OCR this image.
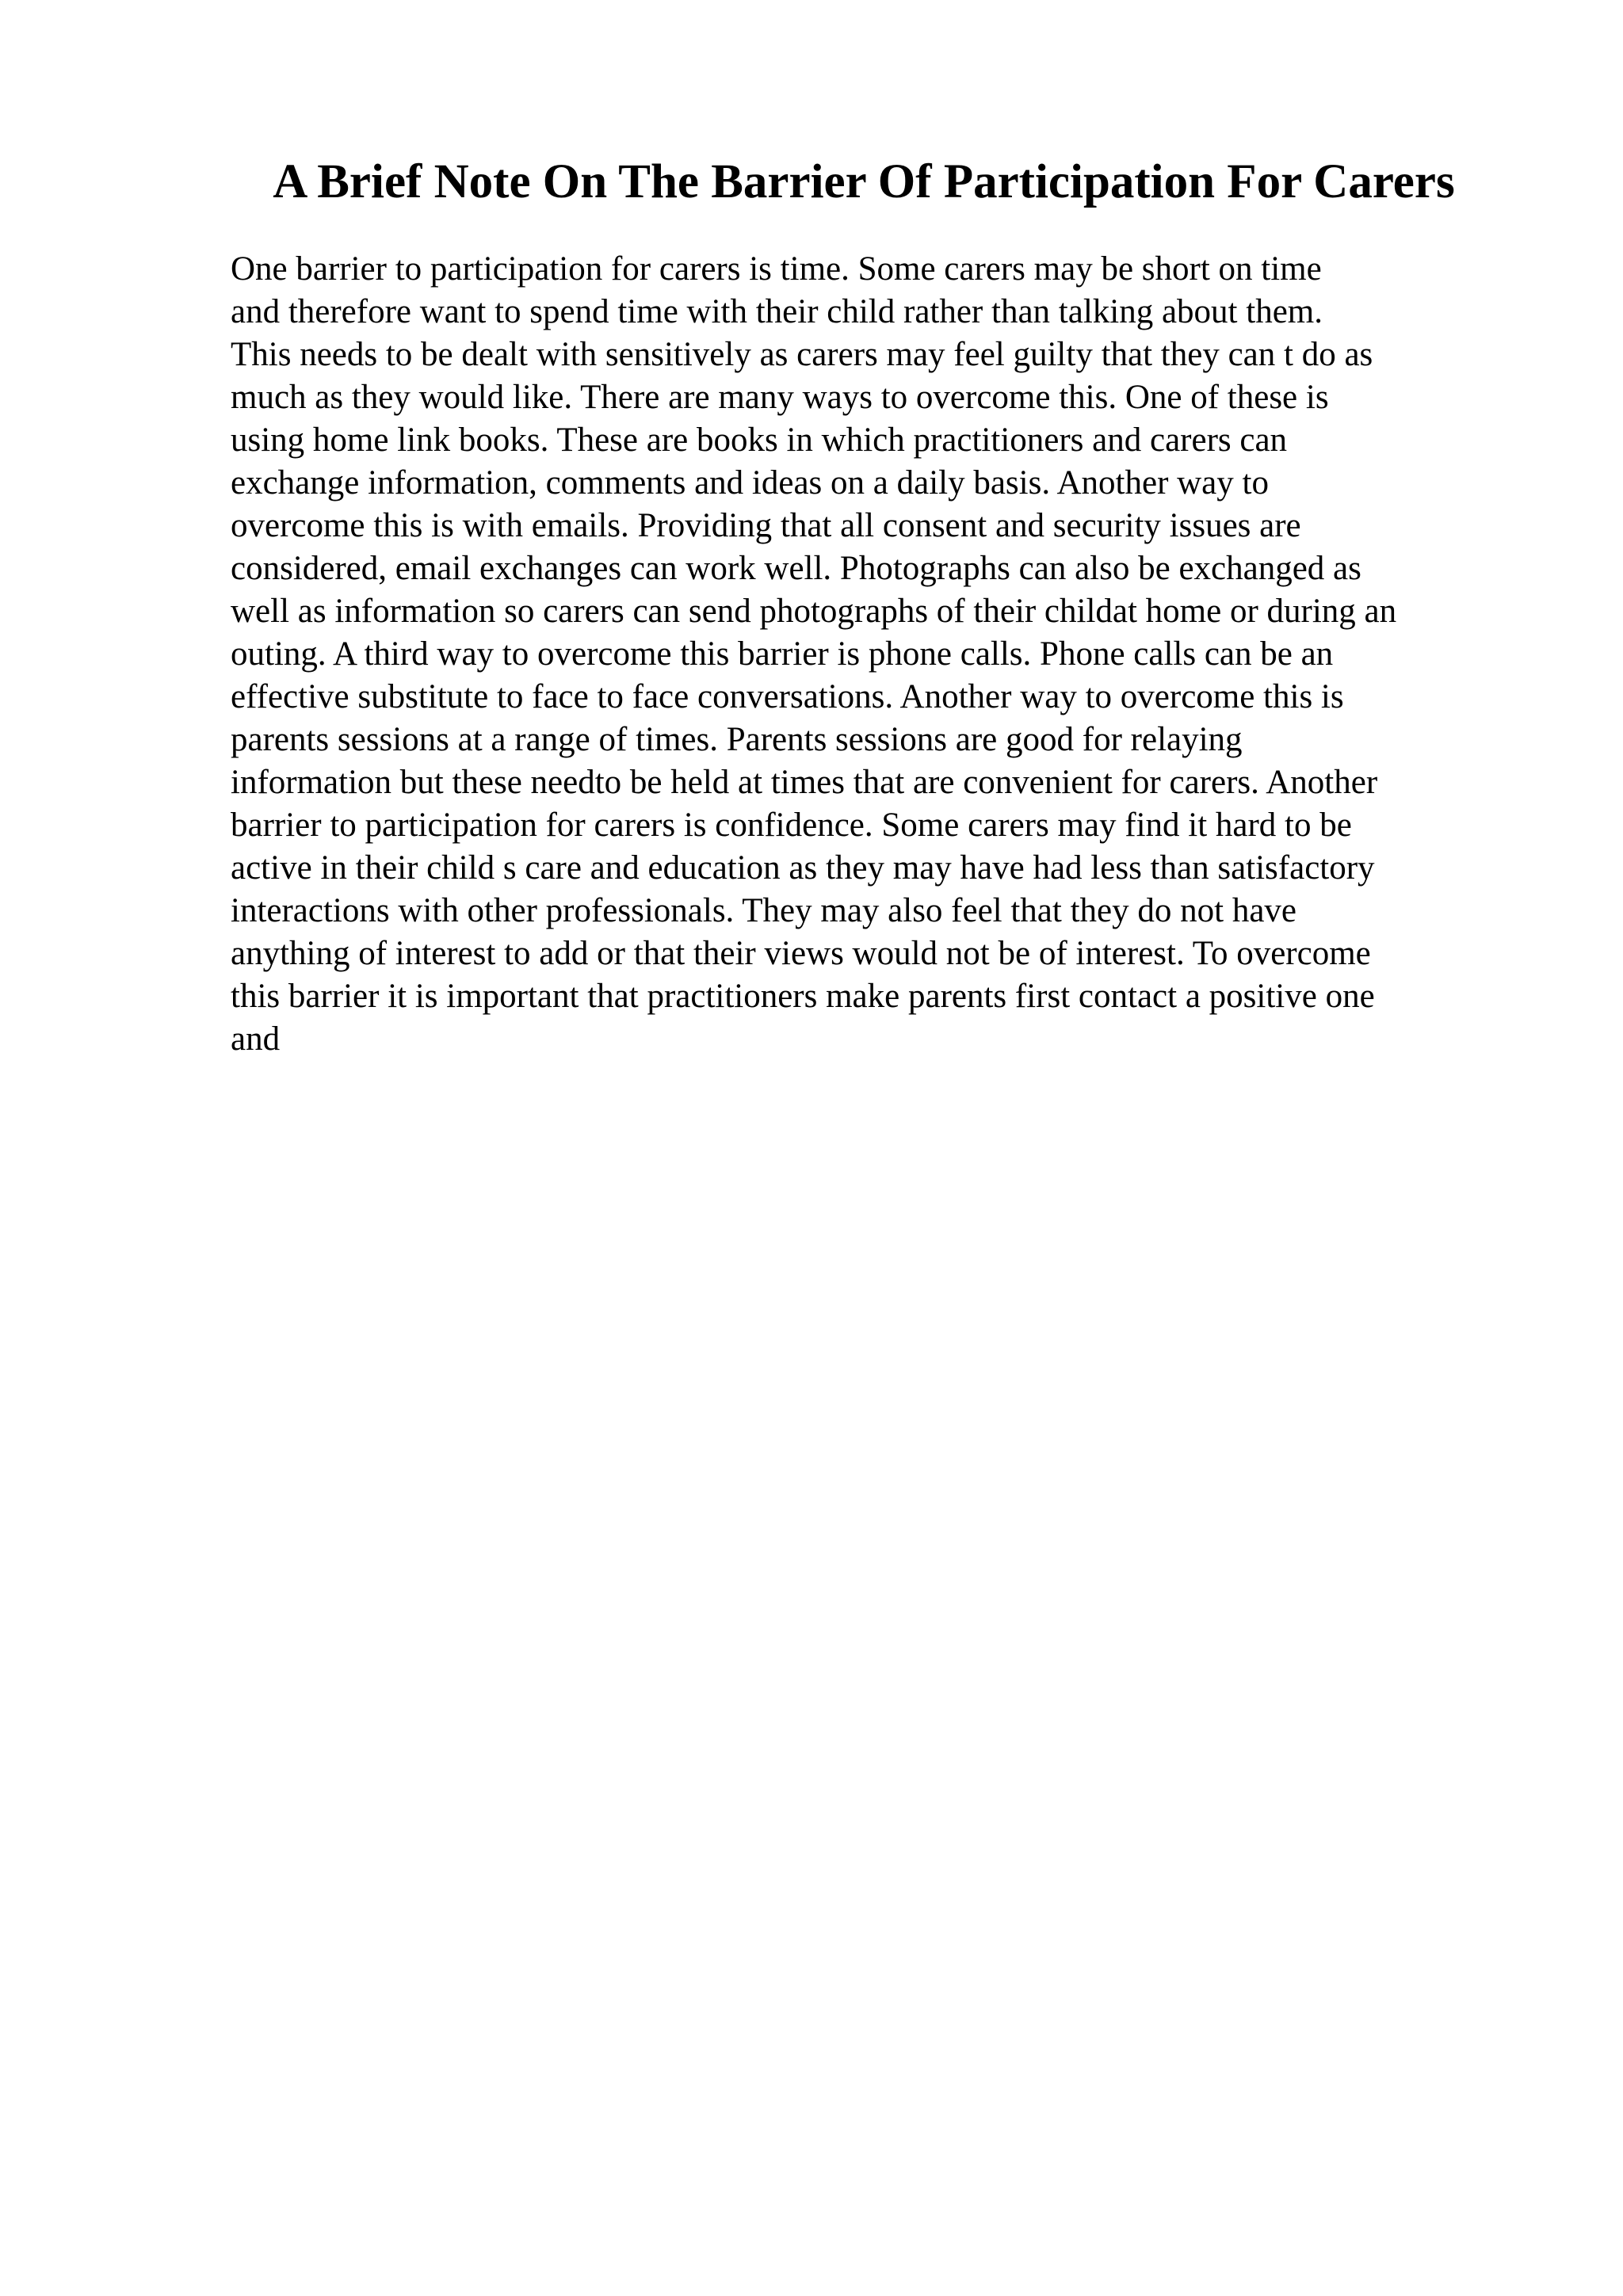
A Brief Note On The Barrier Of Participation For Carers
One barrier to participation for carers is time. Some carers may be short on time
and therefore want to spend time with their child rather than talking about them.
This needs to be dealt with sensitively as carers may feel guilty that they can t do as
much as they would like. There are many ways to overcome this. One of these is
using home link books. These are books in which practitioners and carers can
exchange information, comments and ideas on a daily basis. Another way to
overcome this is with emails. Providing that all consent and security issues are
considered, email exchanges can work well. Photographs can also be exchanged as
well as information so carers can send photographs of their childat home or during an
outing. A third way to overcome this barrier is phone calls. Phone calls can be an
effective substitute to face to face conversations. Another way to overcome this is
parents sessions at a range of times. Parents sessions are good for relaying
information but these needto be held at times that are convenient for carers. Another
barrier to participation for carers is confidence. Some carers may find it hard to be
active in their child s care and education as they may have had less than satisfactory
interactions with other professionals. They may also feel that they do not have
anything of interest to add or that their views would not be of interest. To overcome
this barrier it is important that practitioners make parents first contact a positive one
and
